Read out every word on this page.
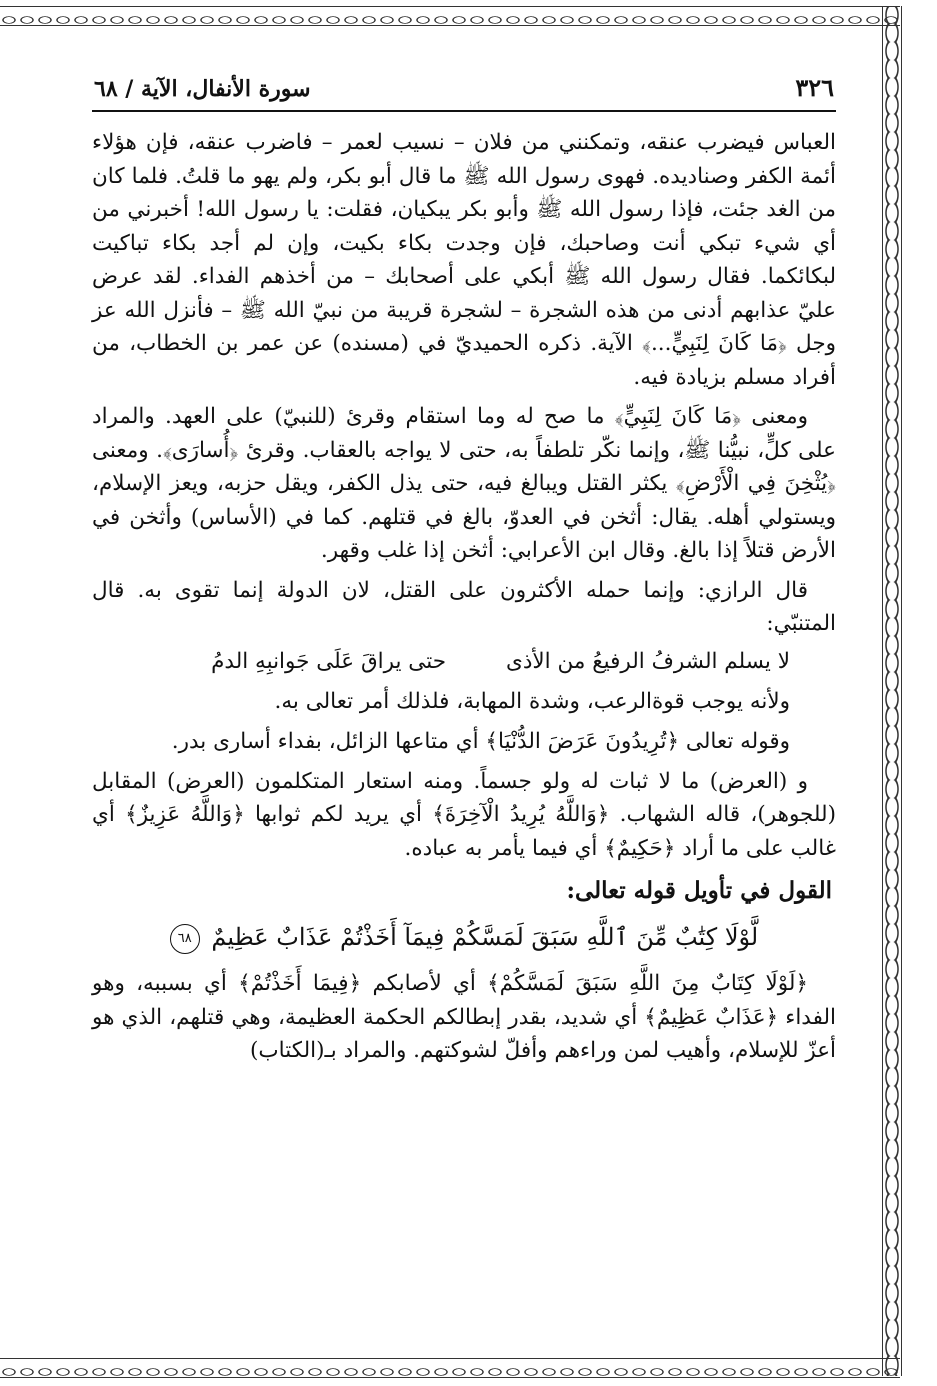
٣٢٦
سورة الأنفال، الآية / ٦٨

العباس فيضرب عنقه، وتمكنني من فلان – نسيب لعمر – فاضرب عنقه، فإن هؤلاء أئمة الكفر وصناديده. فهوى رسول الله ﷺ ما قال أبو بكر، ولم يهو ما قلتُ. فلما كان من الغد جئت، فإذا رسول الله ﷺ وأبو بكر يبكيان، فقلت: يا رسول الله! أخبرني من أي شيء تبكي أنت وصاحبك، فإن وجدت بكاء بكيت، وإن لم أجد بكاء تباكيت لبكائكما. فقال رسول الله ﷺ أبكي على أصحابك – من أخذهم الفداء. لقد عرض عليّ عذابهم أدنى من هذه الشجرة – لشجرة قريبة من نبيّ الله ﷺ – فأنزل الله عز وجل ﴿مَا كَانَ لِنَبِيٍّ...﴾ الآية. ذكره الحميديّ في (مسنده) عن عمر بن الخطاب، من أفراد مسلم بزيادة فيه.

ومعنى ﴿مَا كَانَ لِنَبِيٍّ﴾ ما صح له وما استقام وقرئ (للنبيّ) على العهد. والمراد على كلٍّ، نبيُّنا ﷺ، وإنما نكّر تلطفاً به، حتى لا يواجه بالعقاب. وقرئ ﴿أُسارَى﴾. ومعنى ﴿يُثْخِنَ فِي الْأَرْضِ﴾ يكثر القتل ويبالغ فيه، حتى يذل الكفر، ويقل حزبه، ويعز الإسلام، ويستولي أهله. يقال: أثخن في العدوّ، بالغ في قتلهم. كما في (الأساس) وأثخن في الأرض قتلاً إذا بالغ. وقال ابن الأعرابي: أثخن إذا غلب وقهر.

قال الرازي: وإنما حمله الأكثرون على القتل، لان الدولة إنما تقوى به. قال المتنبّي:

لا يسلم الشرفُ الرفيعُ من الأذى
حتى يراقَ عَلَى جَوانبِهِ الدمُ
ولأنه يوجب قوةالرعب، وشدة المهابة، فلذلك أمر تعالى به.
وقوله تعالى ﴿تُرِيدُونَ عَرَضَ الدُّنْيَا﴾ أي متاعها الزائل، بفداء أسارى بدر.

و (العرض) ما لا ثبات له ولو جسماً. ومنه استعار المتكلمون (العرض) المقابل (للجوهر)، قاله الشهاب. ﴿وَاللَّهُ يُرِيدُ الْآخِرَةَ﴾ أي يريد لكم ثوابها ﴿وَاللَّهُ عَزِيزٌ﴾ أي غالب على ما أراد ﴿حَكِيمٌ﴾ أي فيما يأمر به عباده.

القول في تأويل قوله تعالى:
لَّوْلَا كِتَٰبٌ مِّنَ ٱللَّهِ سَبَقَ لَمَسَّكُمْ فِيمَآ أَخَذْتُمْ عَذَابٌ عَظِيمٌ ٦٨

﴿لَوْلَا كِتَابٌ مِنَ اللَّهِ سَبَقَ لَمَسَّكُمْ﴾ أي لأصابكم ﴿فِيمَا أَخَذْتُمْ﴾ أي بسببه، وهو الفداء ﴿عَذَابٌ عَظِيمٌ﴾ أي شديد، بقدر إبطالكم الحكمة العظيمة، وهي قتلهم، الذي هو أعزّ للإسلام، وأهيب لمن وراءهم وأفلّ لشوكتهم. والمراد بـ(الكتاب)
